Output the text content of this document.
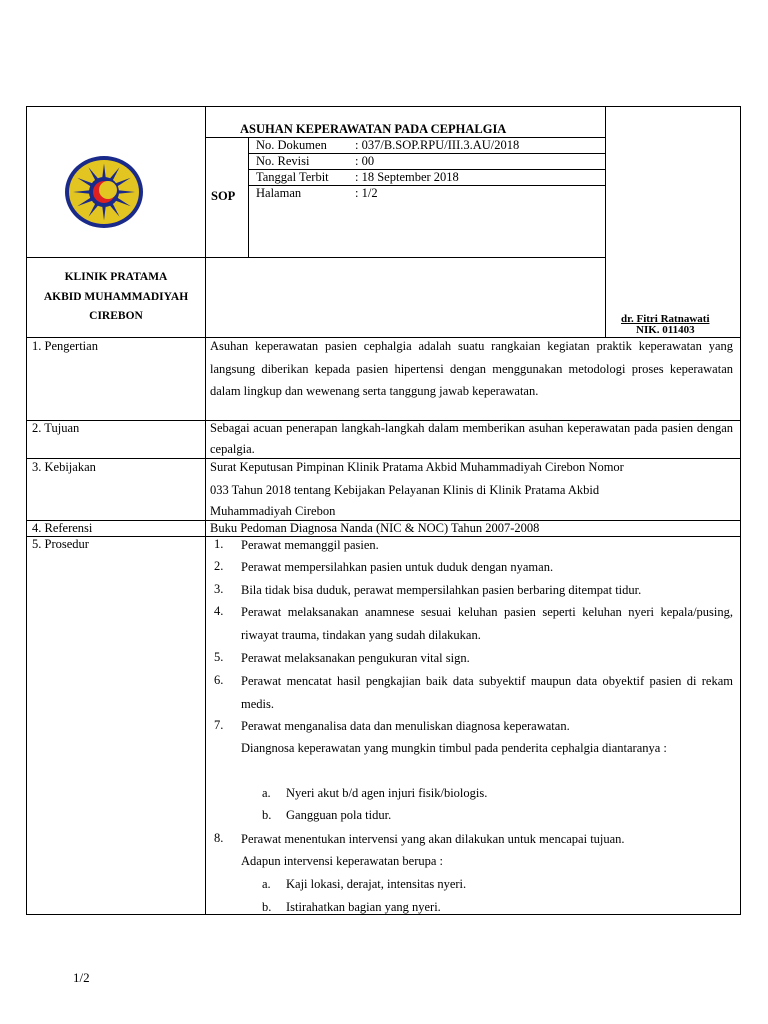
ASUHAN KEPERAWATAN PADA CEPHALGIA
SOP
No. Dokumen : 037/B.SOP.RPU/III.3.AU/2018
No. Revisi	: 00
Tanggal Terbit : 18 September 2018
Halaman	: 1/2
KLINIK PRATAMA
AKBID MUHAMMADIYAH
CIREBON	dr. Fitri Ratnawati
NIK. 011403
1. Pengertian	Asuhan keperawatan pasien cephalgia adalah suatu rangkaian kegiatan praktik keperawatan yang langsung diberikan kepada pasien hipertensi dengan menggunakan metodologi proses keperawatan dalam lingkup dan wewenang serta tanggung jawab keperawatan.
2. Tujuan	Sebagai acuan penerapan langkah-langkah dalam memberikan asuhan keperawatan pada pasien dengan cepalgia.
3. Kebijakan	Surat Keputusan Pimpinan Klinik Pratama Akbid Muhammadiyah Cirebon Nomor
033 Tahun 2018 tentang Kebijakan Pelayanan Klinis di Klinik Pratama Akbid
Muhammadiyah Cirebon
4. Referensi	Buku Pedoman Diagnosa Nanda (NIC & NOC) Tahun 2007-2008
5. Prosedur	1. Perawat memanggil pasien.
2. Perawat mempersilahkan pasien untuk duduk dengan nyaman.
3. Bila tidak bisa duduk, perawat mempersilahkan pasien berbaring ditempat tidur.
4. Perawat melaksanakan anamnese sesuai keluhan pasien seperti keluhan nyeri kepala/pusing, riwayat trauma, tindakan yang sudah dilakukan.
5. Perawat melaksanakan pengukuran vital sign.
6. Perawat mencatat hasil pengkajian baik data subyektif maupun data obyektif pasien di rekam medis.
7. Perawat menganalisa data dan menuliskan diagnosa keperawatan.
Diangnosa keperawatan yang mungkin timbul pada penderita cephalgia diantaranya :
a. Nyeri akut b/d agen injuri fisik/biologis.
b. Gangguan pola tidur.
8. Perawat menentukan intervensi yang akan dilakukan untuk mencapai tujuan.
Adapun intervensi keperawatan berupa :
a. Kaji lokasi, derajat, intensitas nyeri.
b. Istirahatkan bagian yang nyeri.
1/2
